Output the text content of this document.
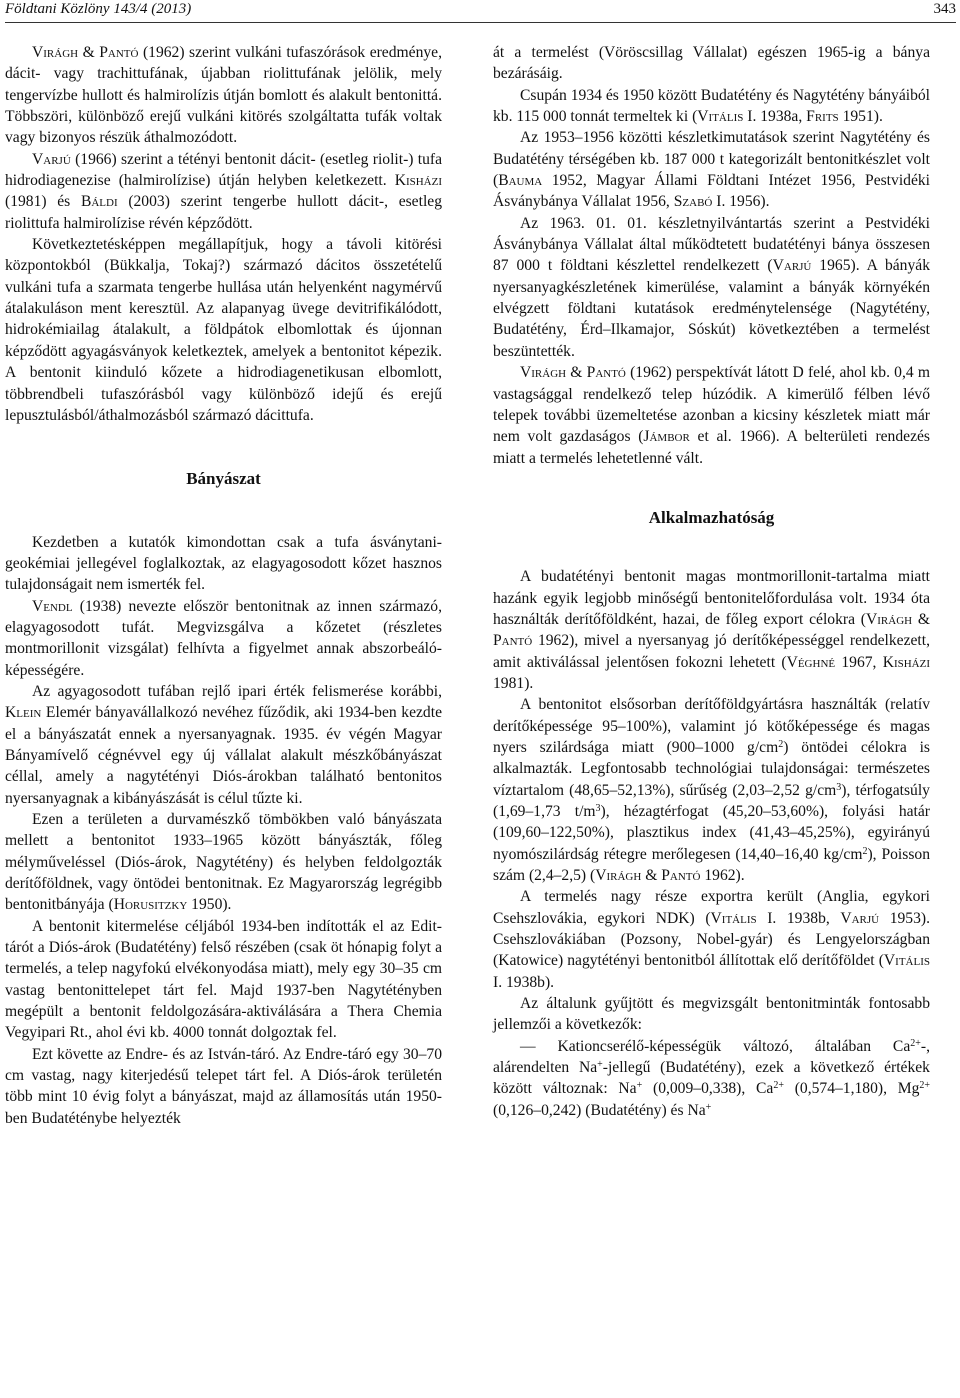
Földtani Közlöny 143/4 (2013)	343

Virágh & Pantó (1962) szerint vulkáni tufaszórások eredménye, dácit- vagy trachittufának, újabban riolittufának jelölik, mely tengervízbe hullott és halmirolízis útján bomlott és alakult bentonittá. Többszöri, különböző erejű vulkáni kitörés szolgáltatta tufák voltak vagy bizonyos részük áthalmozódott.

Varjú (1966) szerint a tétényi bentonit dácit- (esetleg riolit-) tufa hidrodiagenezise (halmirolízise) útján helyben keletkezett. Kisházi (1981) és Báldi (2003) szerint tengerbe hullott dácit-, esetleg riolittufa halmirolízise révén képződött.

Következtetésképpen megállapítjuk, hogy a távoli kitörési központokból (Bükkalja, Tokaj?) származó dácitos összetételű vulkáni tufa a szarmata tengerbe hullása után helyenként nagymérvű átalakuláson ment keresztül. Az alapanyag üvege devitrifikálódott, hidrokémiailag átalakult, a földpátok elbomlottak és újonnan képződött agyagásványok keletkeztek, amelyek a bentonitot képezik. A bentonit kiinduló kőzete a hidrodiagenetikusan elbomlott, többrendbeli tufaszórásból vagy különböző idejű és erejű lepusztulásból/áthalmozásból származó dácittufa.

Bányászat

Kezdetben a kutatók kimondottan csak a tufa ásványtani-geokémiai jellegével foglalkoztak, az elagyagosodott kőzet hasznos tulajdonságait nem ismerték fel.

Vendl (1938) nevezte először bentonitnak az innen származó, elagyagosodott tufát. Megvizsgálva a kőzetet (részletes montmorillonit vizsgálat) felhívta a figyelmet annak abszorbeáló-képességére.

Az agyagosodott tufában rejlő ipari érték felismerése korábbi, Klein Elemér bányavállalkozó nevéhez fűződik, aki 1934-ben kezdte el a bányászatát ennek a nyersanyagnak. 1935. év végén Magyar Bányamívelő cégnévvel egy új vállalat alakult mészkőbányászat céllal, amely a nagytétényi Diós-árokban található bentonitos nyersanyagnak a kibányászását is célul tűzte ki.

Ezen a területen a durvamészkő tömbökben való bányászata mellett a bentonitot 1933–1965 között bányászták, főleg mélyműveléssel (Diós-árok, Nagytétény) és helyben feldolgozták derítőföldnek, vagy öntödei bentonitnak. Ez Magyarország legrégibb bentonitbányája (Horusitzky 1950).

A bentonit kitermelése céljából 1934-ben indították el az Edit-tárót a Diós-árok (Budatétény) felső részében (csak öt hónapig folyt a termelés, a telep nagyfokú elvékonyodása miatt), mely egy 30–35 cm vastag bentonittelepet tárt fel. Majd 1937-ben Nagytétényben megépült a bentonit feldolgozására-aktiválására a Thera Chemia Vegyipari Rt., ahol évi kb. 4000 tonnát dolgoztak fel.

Ezt követte az Endre- és az István-táró. Az Endre-táró egy 30–70 cm vastag, nagy kiterjedésű telepet tárt fel. A Diós-árok területén több mint 10 évig folyt a bányászat, majd az államosítás után 1950-ben Budatéténybe helyezték

át a termelést (Vöröscsillag Vállalat) egészen 1965-ig a bánya bezárásáig.

Csupán 1934 és 1950 között Budatétény és Nagytétény bányáiból kb. 115 000 tonnát termeltek ki (Vitális I. 1938a, Frits 1951).

Az 1953–1956 közötti készletkimutatások szerint Nagytétény és Budatétény térségében kb. 187 000 t kategorizált bentonitkészlet volt (Bauma 1952, Magyar Állami Földtani Intézet 1956, Pestvidéki Ásványbánya Vállalat 1956, Szabó I. 1956).

Az 1963. 01. 01. készletnyilvántartás szerint a Pestvidéki Ásványbánya Vállalat által működtetett budatétényi bánya összesen 87 000 t földtani készlettel rendelkezett (Varjú 1965). A bányák nyersanyagkészletének kimerülése, valamint a bányák környékén elvégzett földtani kutatások eredménytelensége (Nagytétény, Budatétény, Érd–Ilkamajor, Sóskút) következtében a termelést beszüntették.

Virágh & Pantó (1962) perspektívát látott D felé, ahol kb. 0,4 m vastagsággal rendelkező telep húzódik. A kimerülő félben lévő telepek további üzemeltetése azonban a kicsiny készletek miatt már nem volt gazdaságos (Jámbor et al. 1966). A belterületi rendezés miatt a termelés lehetetlenné vált.

Alkalmazhatóság

A budatétényi bentonit magas montmorillonit-tartalma miatt hazánk egyik legjobb minőségű bentonitelőfordulása volt. 1934 óta használták derítőföldként, hazai, de főleg export célokra (Virágh & Pantó 1962), mivel a nyersanyag jó derítőképességgel rendelkezett, amit aktiválással jelentősen fokozni lehetett (Véghné 1967, Kisházi 1981).

A bentonitot elsősorban derítőföldgyártásra használták (relatív derítőképessége 95–100%), valamint jó kötőképessége és magas nyers szilárdsága miatt (900–1000 $g/cm^2$) öntödei célokra is alkalmazták. Legfontosabb technológiai tulajdonságai: természetes víztartalom (48,65–52,13%), sűrűség (2,03–2,52 $g/cm^3$), térfogatsúly (1,69–1,73 $t/m^3$), hézagtérfogat (45,20–53,60%), folyási határ (109,60–122,50%), plasztikus index (41,43–45,25%), egyirányú nyomószilárdság rétegre merőlegesen (14,40–16,40 $kg/cm^2$), Poisson szám (2,4–2,5) (Virágh & Pantó 1962).

A termelés nagy része exportra került (Anglia, egykori Csehszlovákia, egykori NDK) (Vitális I. 1938b, Varjú 1953). Csehszlovákiában (Pozsony, Nobel-gyár) és Lengyelországban (Katowice) nagytétényi bentonitból állítottak elő derítőföldet (Vitális I. 1938b).

Az általunk gyűjtött és megvizsgált bentonitminták fontosabb jellemzői a következők:

— Kationcserélő-képességük változó, általában $Ca^{2+}-$, alárendelten Na+-jellegű (Budatétény), ezek a következő értékek között változnak: Na+ (0,009–0,338), $Ca^{2+}$ (0,574–1,180), $Mg^{2+}$ (0,126–0,242) (Budatétény) és Na+
